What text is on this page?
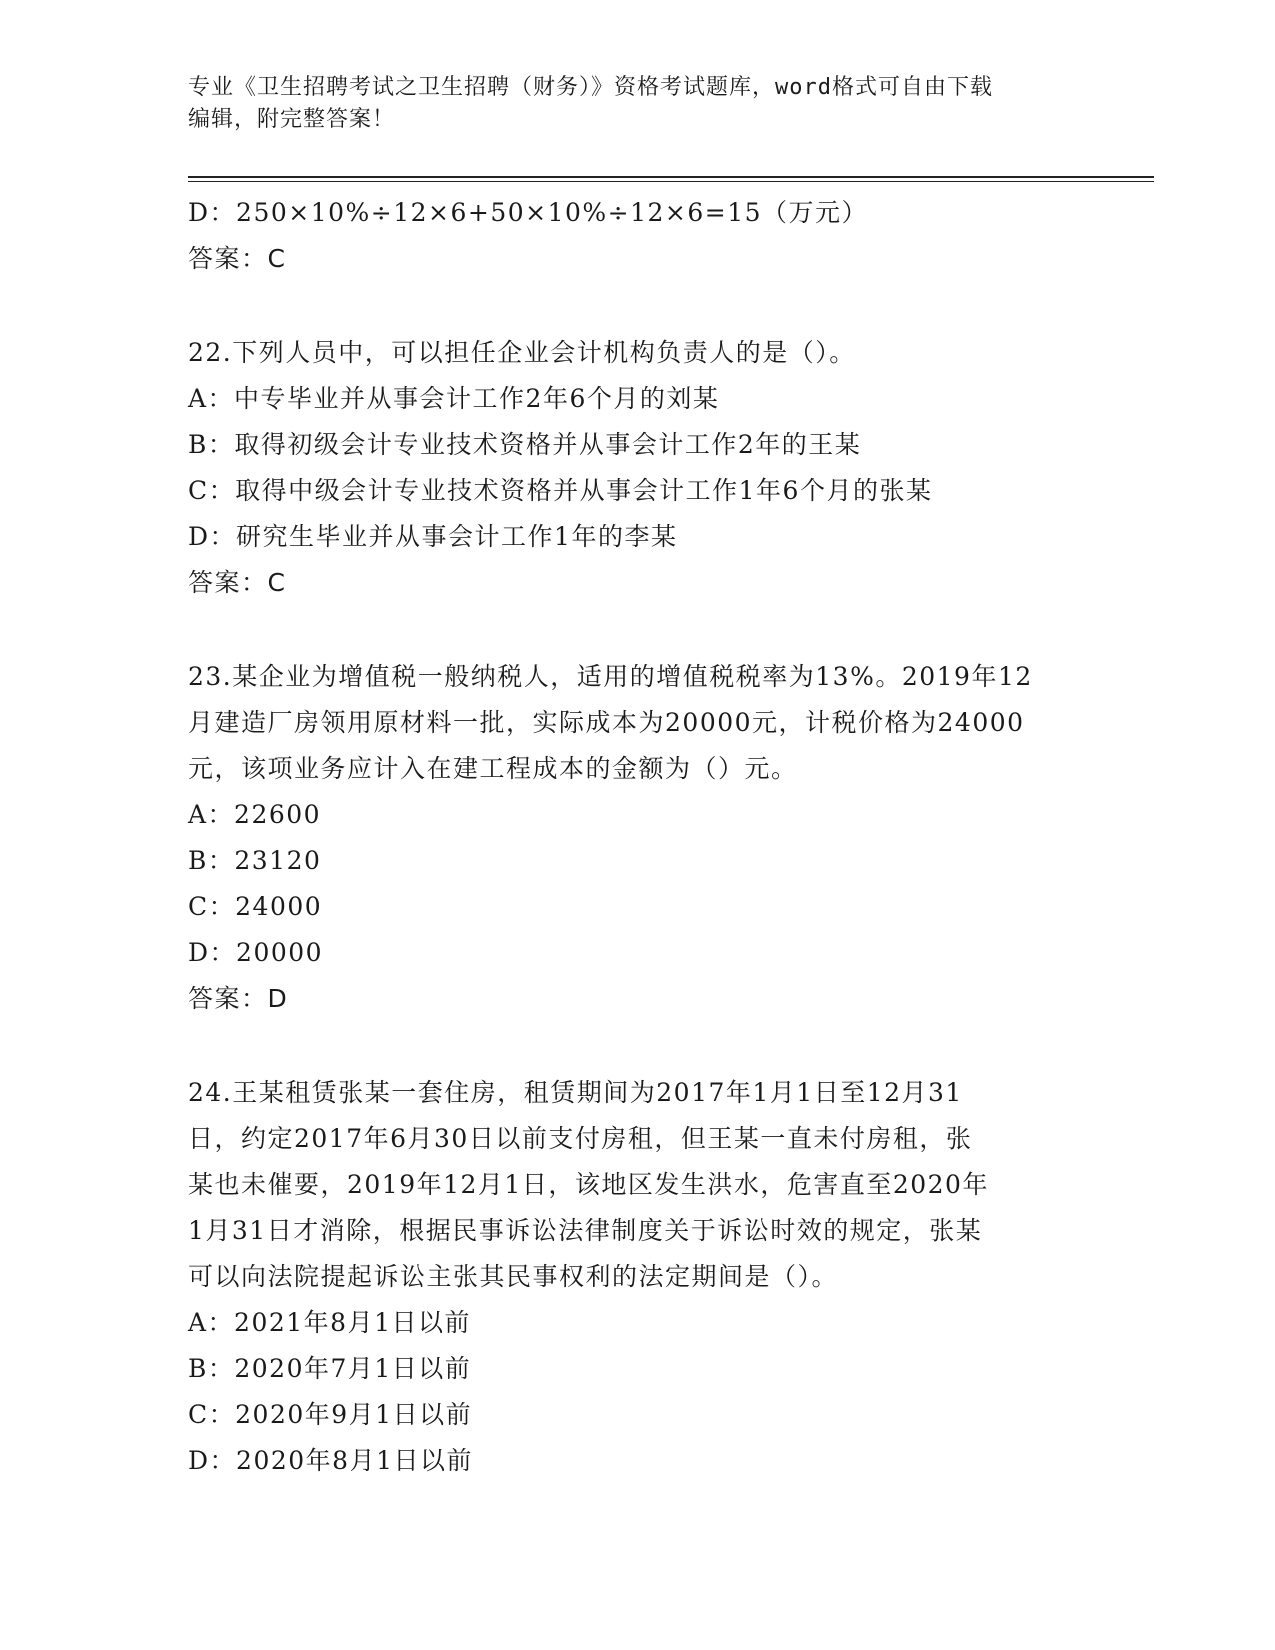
专业《卫生招聘考试之卫生招聘（财务）》资格考试题库，word格式可自由下载
编辑，附完整答案！
D：250×10%÷12×6+50×10%÷12×6=15（万元）
答案：C
22.下列人员中，可以担任企业会计机构负责人的是（）。
A：中专毕业并从事会计工作2年6个月的刘某
B：取得初级会计专业技术资格并从事会计工作2年的王某
C：取得中级会计专业技术资格并从事会计工作1年6个月的张某
D：研究生毕业并从事会计工作1年的李某
答案：C
23.某企业为增值税一般纳税人，适用的增值税税率为13%。2019年12
月建造厂房领用原材料一批，实际成本为20000元，计税价格为24000
元，该项业务应计入在建工程成本的金额为（）元。
A：22600
B：23120
C：24000
D：20000
答案：D
24.王某租赁张某一套住房，租赁期间为2017年1月1日至12月31
日，约定2017年6月30日以前支付房租，但王某一直未付房租，张
某也未催要，2019年12月1日，该地区发生洪水，危害直至2020年
1月31日才消除，根据民事诉讼法律制度关于诉讼时效的规定，张某
可以向法院提起诉讼主张其民事权利的法定期间是（）。
A：2021年8月1日以前
B：2020年7月1日以前
C：2020年9月1日以前
D：2020年8月1日以前
